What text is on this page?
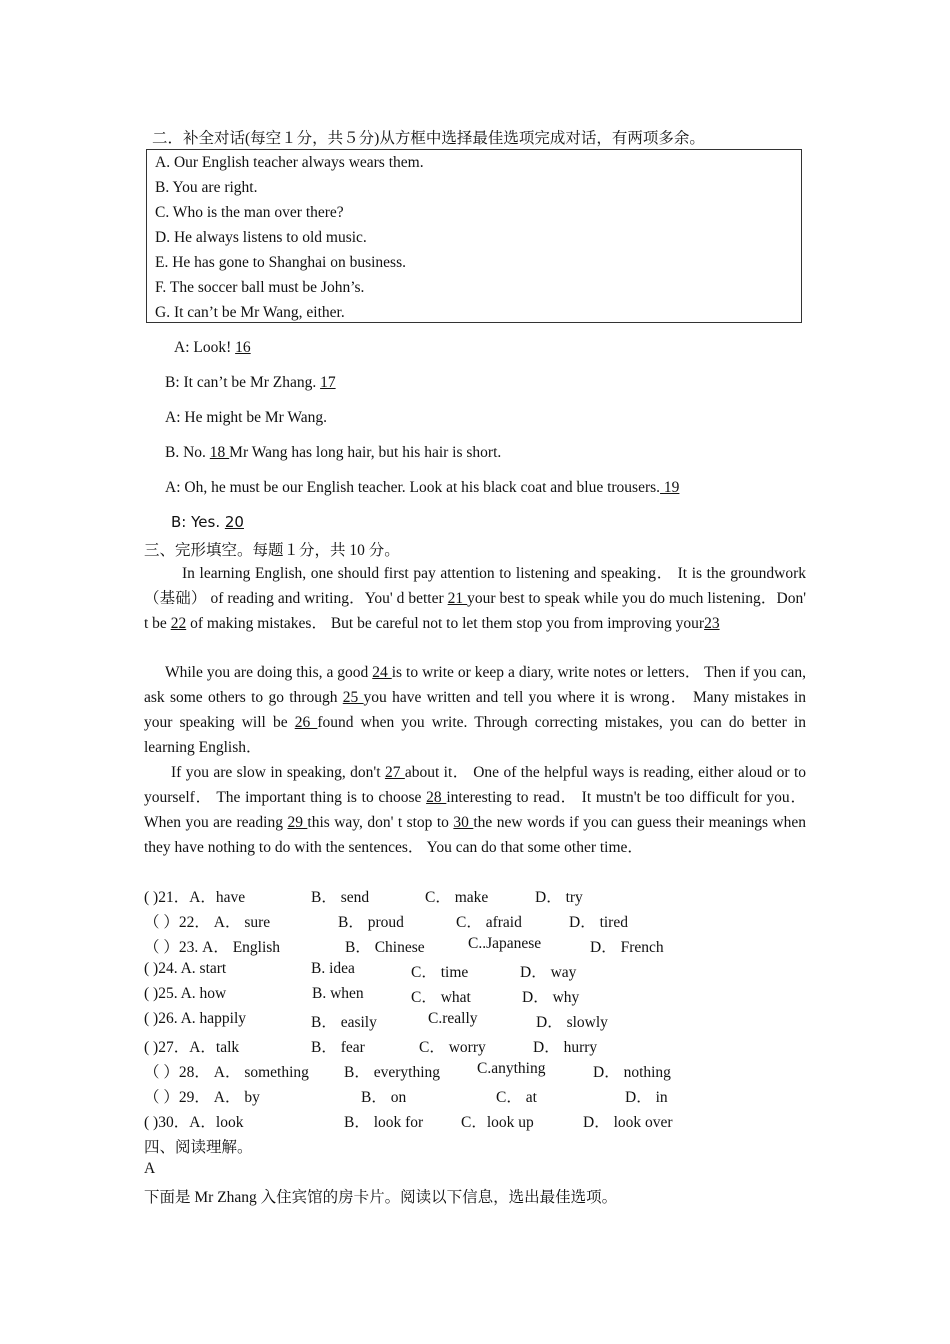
二．补全对话(每空１分，共５分)从方框中选择最佳选项完成对话，有两项多余。
A. Our English teacher always wears them.
B. You are right.
C. Who is the man over there?
D. He always listens to old music.
E. He has gone to Shanghai on business.
F. The soccer ball must be John’s.
G. It can’t be Mr Wang, either.
A: Look! 16
B: It can’t be Mr Zhang. 17
A: He might be Mr Wang.
B. No. 18 Mr Wang has long hair, but his hair is short.
A: Oh, he must be our English teacher. Look at his black coat and blue trousers. 19
B: Yes. 20
三、完形填空。每题１分，共 10 分。
In learning English, one should first pay attention to listening and speaking． It is the groundwork（基础） of reading and writing．You' d better 21 your best to speak while you do much listening．Don' t be 22 of making mistakes． But be careful not to let them stop you from improving your23
While you are doing this, a good 24 is to write or keep a diary, write notes or letters． Then if you can, ask some others to go through 25 you have written and tell you where it is wrong． Many mistakes in your speaking will be 26 found when you write. Through correcting mistakes, you can do better in learning English．
If you are slow in speaking, don't 27 about it． One of the helpful ways is reading, either aloud or to yourself． The important thing is to choose 28 interesting to read． It mustn't be too difficult for you． When you are reading 29 this way, don' t stop to 30 the new words if you can guess their meanings when they have nothing to do with the sentences． You can do that some other time．
( )21．A．have	B． send	C． make	D． try
（ ）22． A． sure	B． proud	C． afraid	D． tired
（ ）23. A． English	B． Chinese	C..Japanese	D． French
( )24. A. start	B. idea	C． time	D． way
( )25. A. how	B. when	C． what	D． why
( )26. A. happily	B． easily	C.really	D． slowly
( )27．A．talk	B． fear	C． worry	D． hurry
（ ）28． A． something B． everything C.anything	D． nothing
（ ）29． A． by	B． on	C． at	D． in
( )30．A．look	B． look for C．look up	D． look over
四、阅读理解。
A
下面是 Mr Zhang 入住宾馆的房卡片。阅读以下信息，选出最佳选项。
